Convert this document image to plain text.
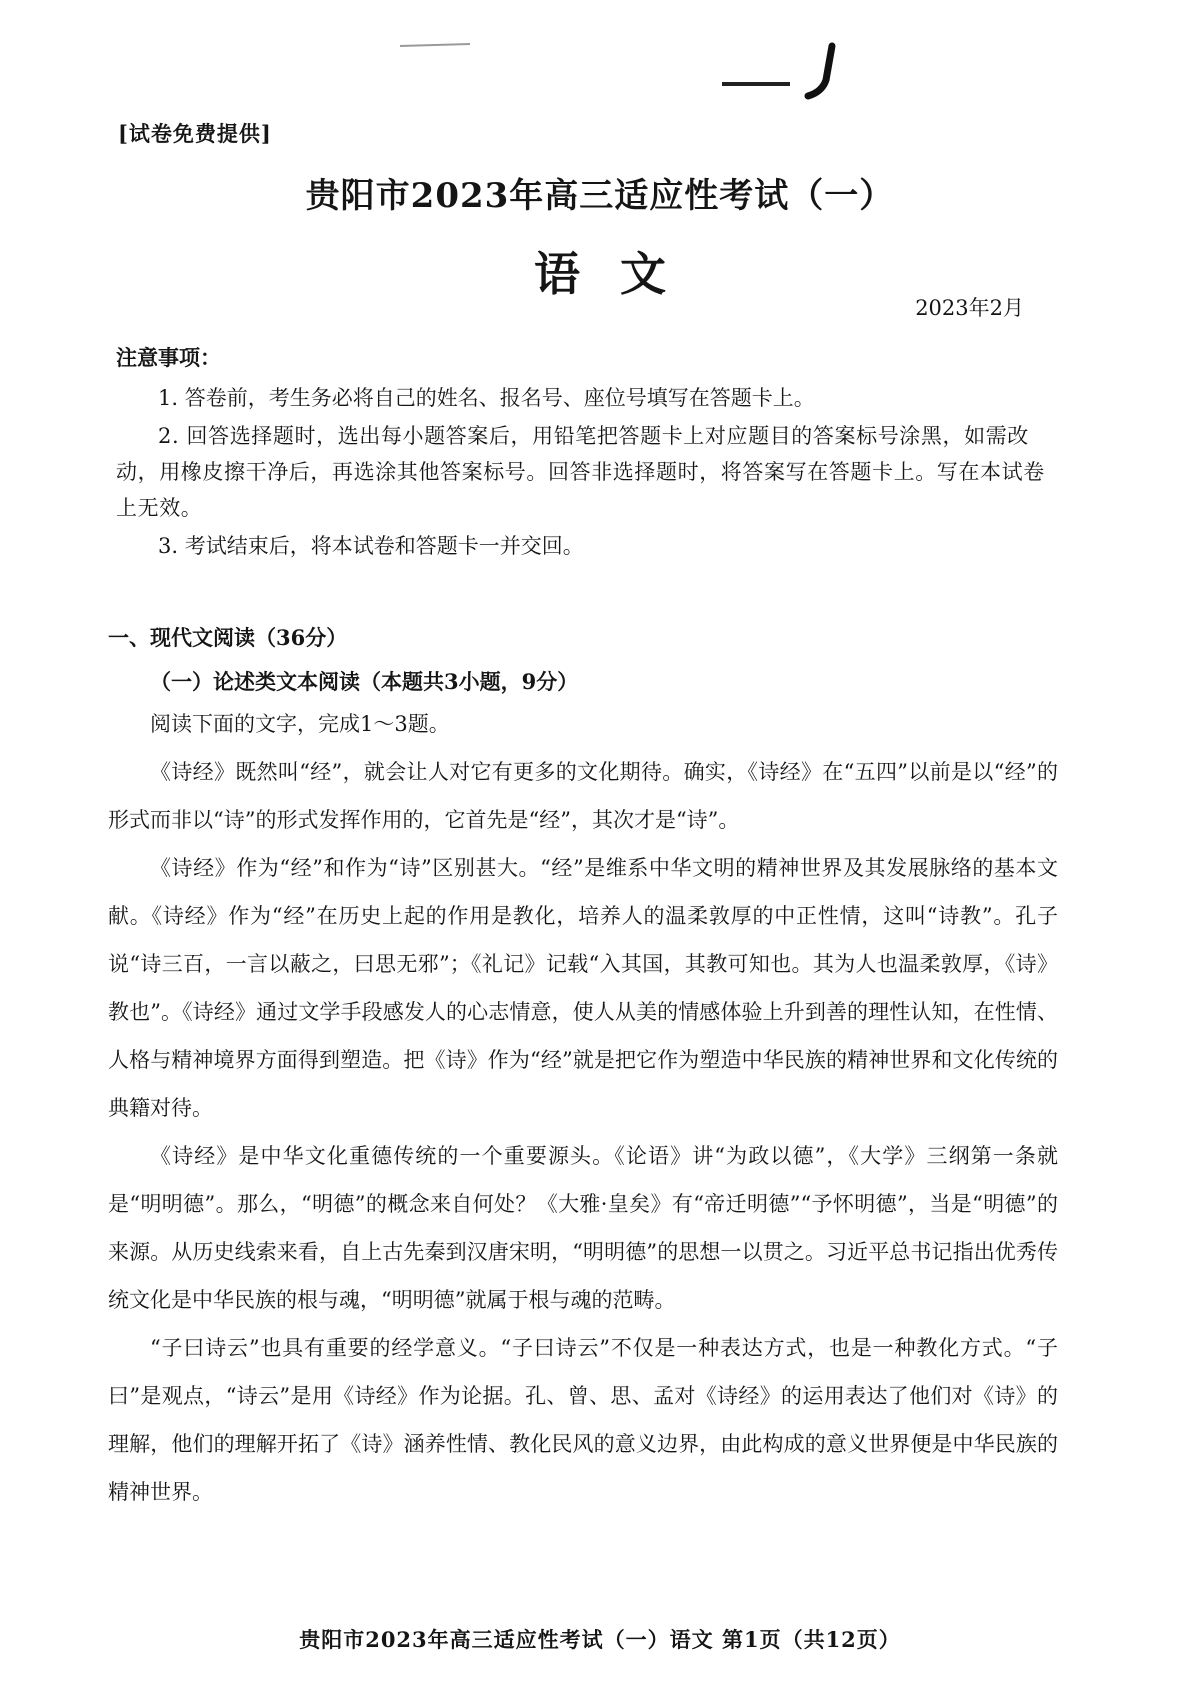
[试卷免费提供]
贵阳市2023年高三适应性考试（一）
语文
2023年2月
注意事项：
1. 答卷前，考生务必将自己的姓名、报名号、座位号填写在答题卡上。
2. 回答选择题时，选出每小题答案后，用铅笔把答题卡上对应题目的答案标号涂黑，如需改动，用橡皮擦干净后，再选涂其他答案标号。回答非选择题时，将答案写在答题卡上。写在本试卷上无效。
3. 考试结束后，将本试卷和答题卡一并交回。
一、现代文阅读（36分）
（一）论述类文本阅读（本题共3小题，9分）
阅读下面的文字，完成1～3题。

《诗经》既然叫“经”，就会让人对它有更多的文化期待。确实，《诗经》在“五四”以前是以“经”的形式而非以“诗”的形式发挥作用的，它首先是“经”，其次才是“诗”。

《诗经》作为“经”和作为“诗”区别甚大。“经”是维系中华文明的精神世界及其发展脉络的基本文献。《诗经》作为“经”在历史上起的作用是教化，培养人的温柔敦厚的中正性情，这叫“诗教”。孔子说“诗三百，一言以蔽之，曰思无邪”；《礼记》记载“入其国，其教可知也。其为人也温柔敦厚，《诗》教也”。《诗经》通过文学手段感发人的心志情意，使人从美的情感体验上升到善的理性认知，在性情、人格与精神境界方面得到塑造。把《诗》作为“经”就是把它作为塑造中华民族的精神世界和文化传统的典籍对待。

《诗经》是中华文化重德传统的一个重要源头。《论语》讲“为政以德”，《大学》三纲第一条就是“明明德”。那么，“明德”的概念来自何处？《大雅·皇矣》有“帝迁明德”“予怀明德”，当是“明德”的来源。从历史线索来看，自上古先秦到汉唐宋明，“明明德”的思想一以贯之。习近平总书记指出优秀传统文化是中华民族的根与魂，“明明德”就属于根与魂的范畴。

“子曰诗云”也具有重要的经学意义。“子曰诗云”不仅是一种表达方式，也是一种教化方式。“子曰”是观点，“诗云”是用《诗经》作为论据。孔、曾、思、孟对《诗经》的运用表达了他们对《诗》的理解，他们的理解开拓了《诗》涵养性情、教化民风的意义边界，由此构成的意义世界便是中华民族的精神世界。

贵阳市2023年高三适应性考试（一）语文 第1页（共12页）
